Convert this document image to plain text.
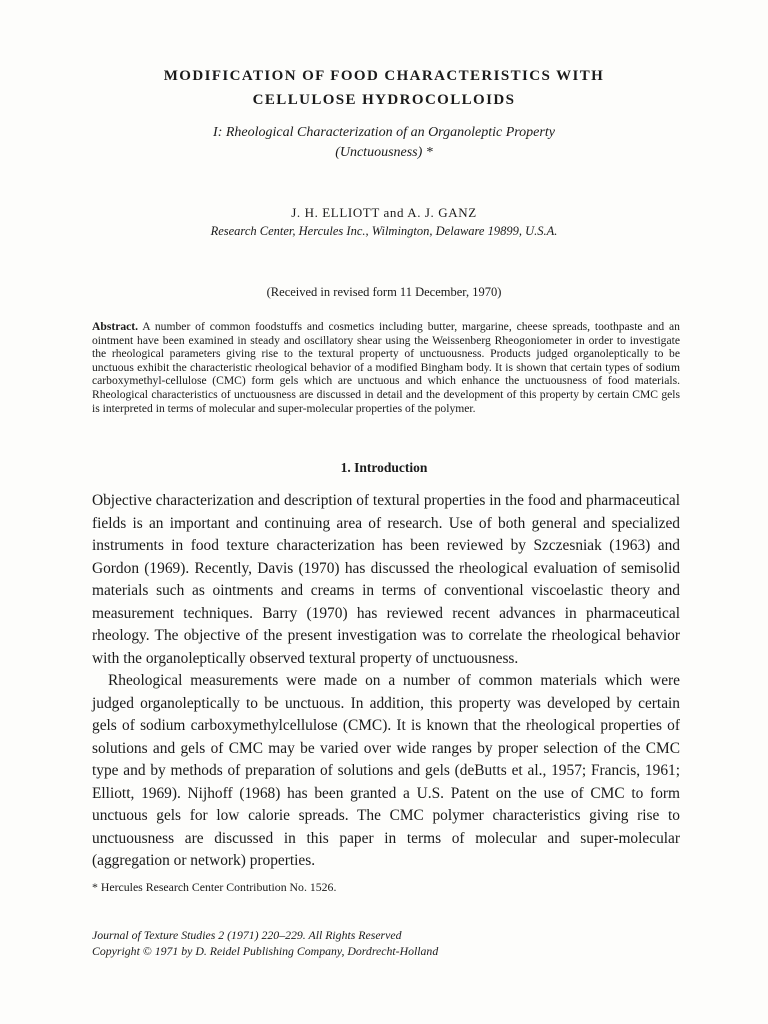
MODIFICATION OF FOOD CHARACTERISTICS WITH
CELLULOSE HYDROCOLLOIDS
I: Rheological Characterization of an Organoleptic Property
(Unctuousness) *
J. H. ELLIOTT and A. J. GANZ
Research Center, Hercules Inc., Wilmington, Delaware 19899, U.S.A.
(Received in revised form 11 December, 1970)
Abstract. A number of common foodstuffs and cosmetics including butter, margarine, cheese spreads, toothpaste and an ointment have been examined in steady and oscillatory shear using the Weissenberg Rheogoniometer in order to investigate the rheological parameters giving rise to the textural property of unctuousness. Products judged organoleptically to be unctuous exhibit the characteristic rheological behavior of a modified Bingham body. It is shown that certain types of sodium carboxymethyl-cellulose (CMC) form gels which are unctuous and which enhance the unctuousness of food materials. Rheological characteristics of unctuousness are discussed in detail and the development of this property by certain CMC gels is interpreted in terms of molecular and super-molecular properties of the polymer.
1. Introduction

Objective characterization and description of textural properties in the food and pharmaceutical fields is an important and continuing area of research. Use of both general and specialized instruments in food texture characterization has been reviewed by Szczesniak (1963) and Gordon (1969). Recently, Davis (1970) has discussed the rheological evaluation of semisolid materials such as ointments and creams in terms of conventional viscoelastic theory and measurement techniques. Barry (1970) has reviewed recent advances in pharmaceutical rheology. The objective of the present investigation was to correlate the rheological behavior with the organoleptically observed textural property of unctuousness.

Rheological measurements were made on a number of common materials which were judged organoleptically to be unctuous. In addition, this property was developed by certain gels of sodium carboxymethylcellulose (CMC). It is known that the rheological properties of solutions and gels of CMC may be varied over wide ranges by proper selection of the CMC type and by methods of preparation of solutions and gels (deButts et al., 1957; Francis, 1961; Elliott, 1969). Nijhoff (1968) has been granted a U.S. Patent on the use of CMC to form unctuous gels for low calorie spreads. The CMC polymer characteristics giving rise to unctuousness are discussed in this paper in terms of molecular and super-molecular (aggregation or network) properties.

* Hercules Research Center Contribution No. 1526.
Journal of Texture Studies 2 (1971) 220–229. All Rights Reserved
Copyright © 1971 by D. Reidel Publishing Company, Dordrecht-Holland
